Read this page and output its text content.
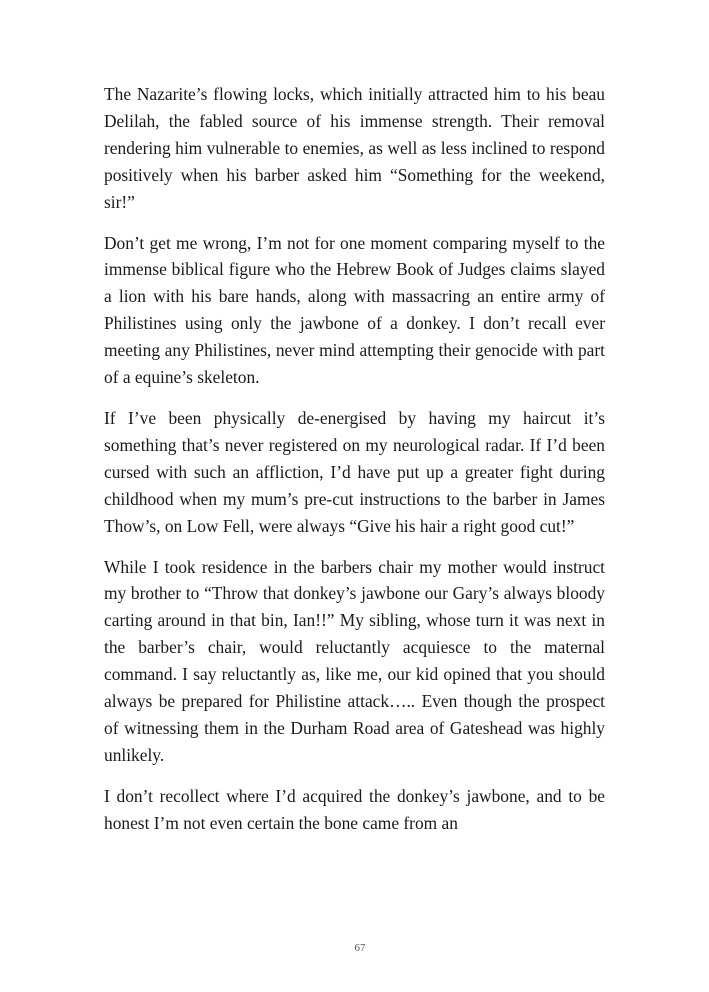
The Nazarite’s flowing locks, which initially attracted him to his beau Delilah, the fabled source of his immense strength. Their removal rendering him vulnerable to enemies, as well as less inclined to respond positively when his barber asked him “Something for the weekend, sir!”

Don’t get me wrong, I’m not for one moment comparing myself to the immense biblical figure who the Hebrew Book of Judges claims slayed a lion with his bare hands, along with massacring an entire army of Philistines using only the jawbone of a donkey. I don’t recall ever meeting any Philistines, never mind attempting their genocide with part of a equine’s skeleton.

If I’ve been physically de-energised by having my haircut it’s something that’s never registered on my neurological radar. If I’d been cursed with such an affliction, I’d have put up a greater fight during childhood when my mum’s pre-cut instructions to the barber in James Thow’s, on Low Fell, were always “Give his hair a right good cut!”

While I took residence in the barbers chair my mother would instruct my brother to “Throw that donkey’s jawbone our Gary’s always bloody carting around in that bin, Ian!!” My sibling, whose turn it was next in the barber’s chair, would reluctantly acquiesce to the maternal command. I say reluctantly as, like me, our kid opined that you should always be prepared for Philistine attack….. Even though the prospect of witnessing them in the Durham Road area of Gateshead was highly unlikely.

I don’t recollect where I’d acquired the donkey’s jawbone, and to be honest I’m not even certain the bone came from an

67
